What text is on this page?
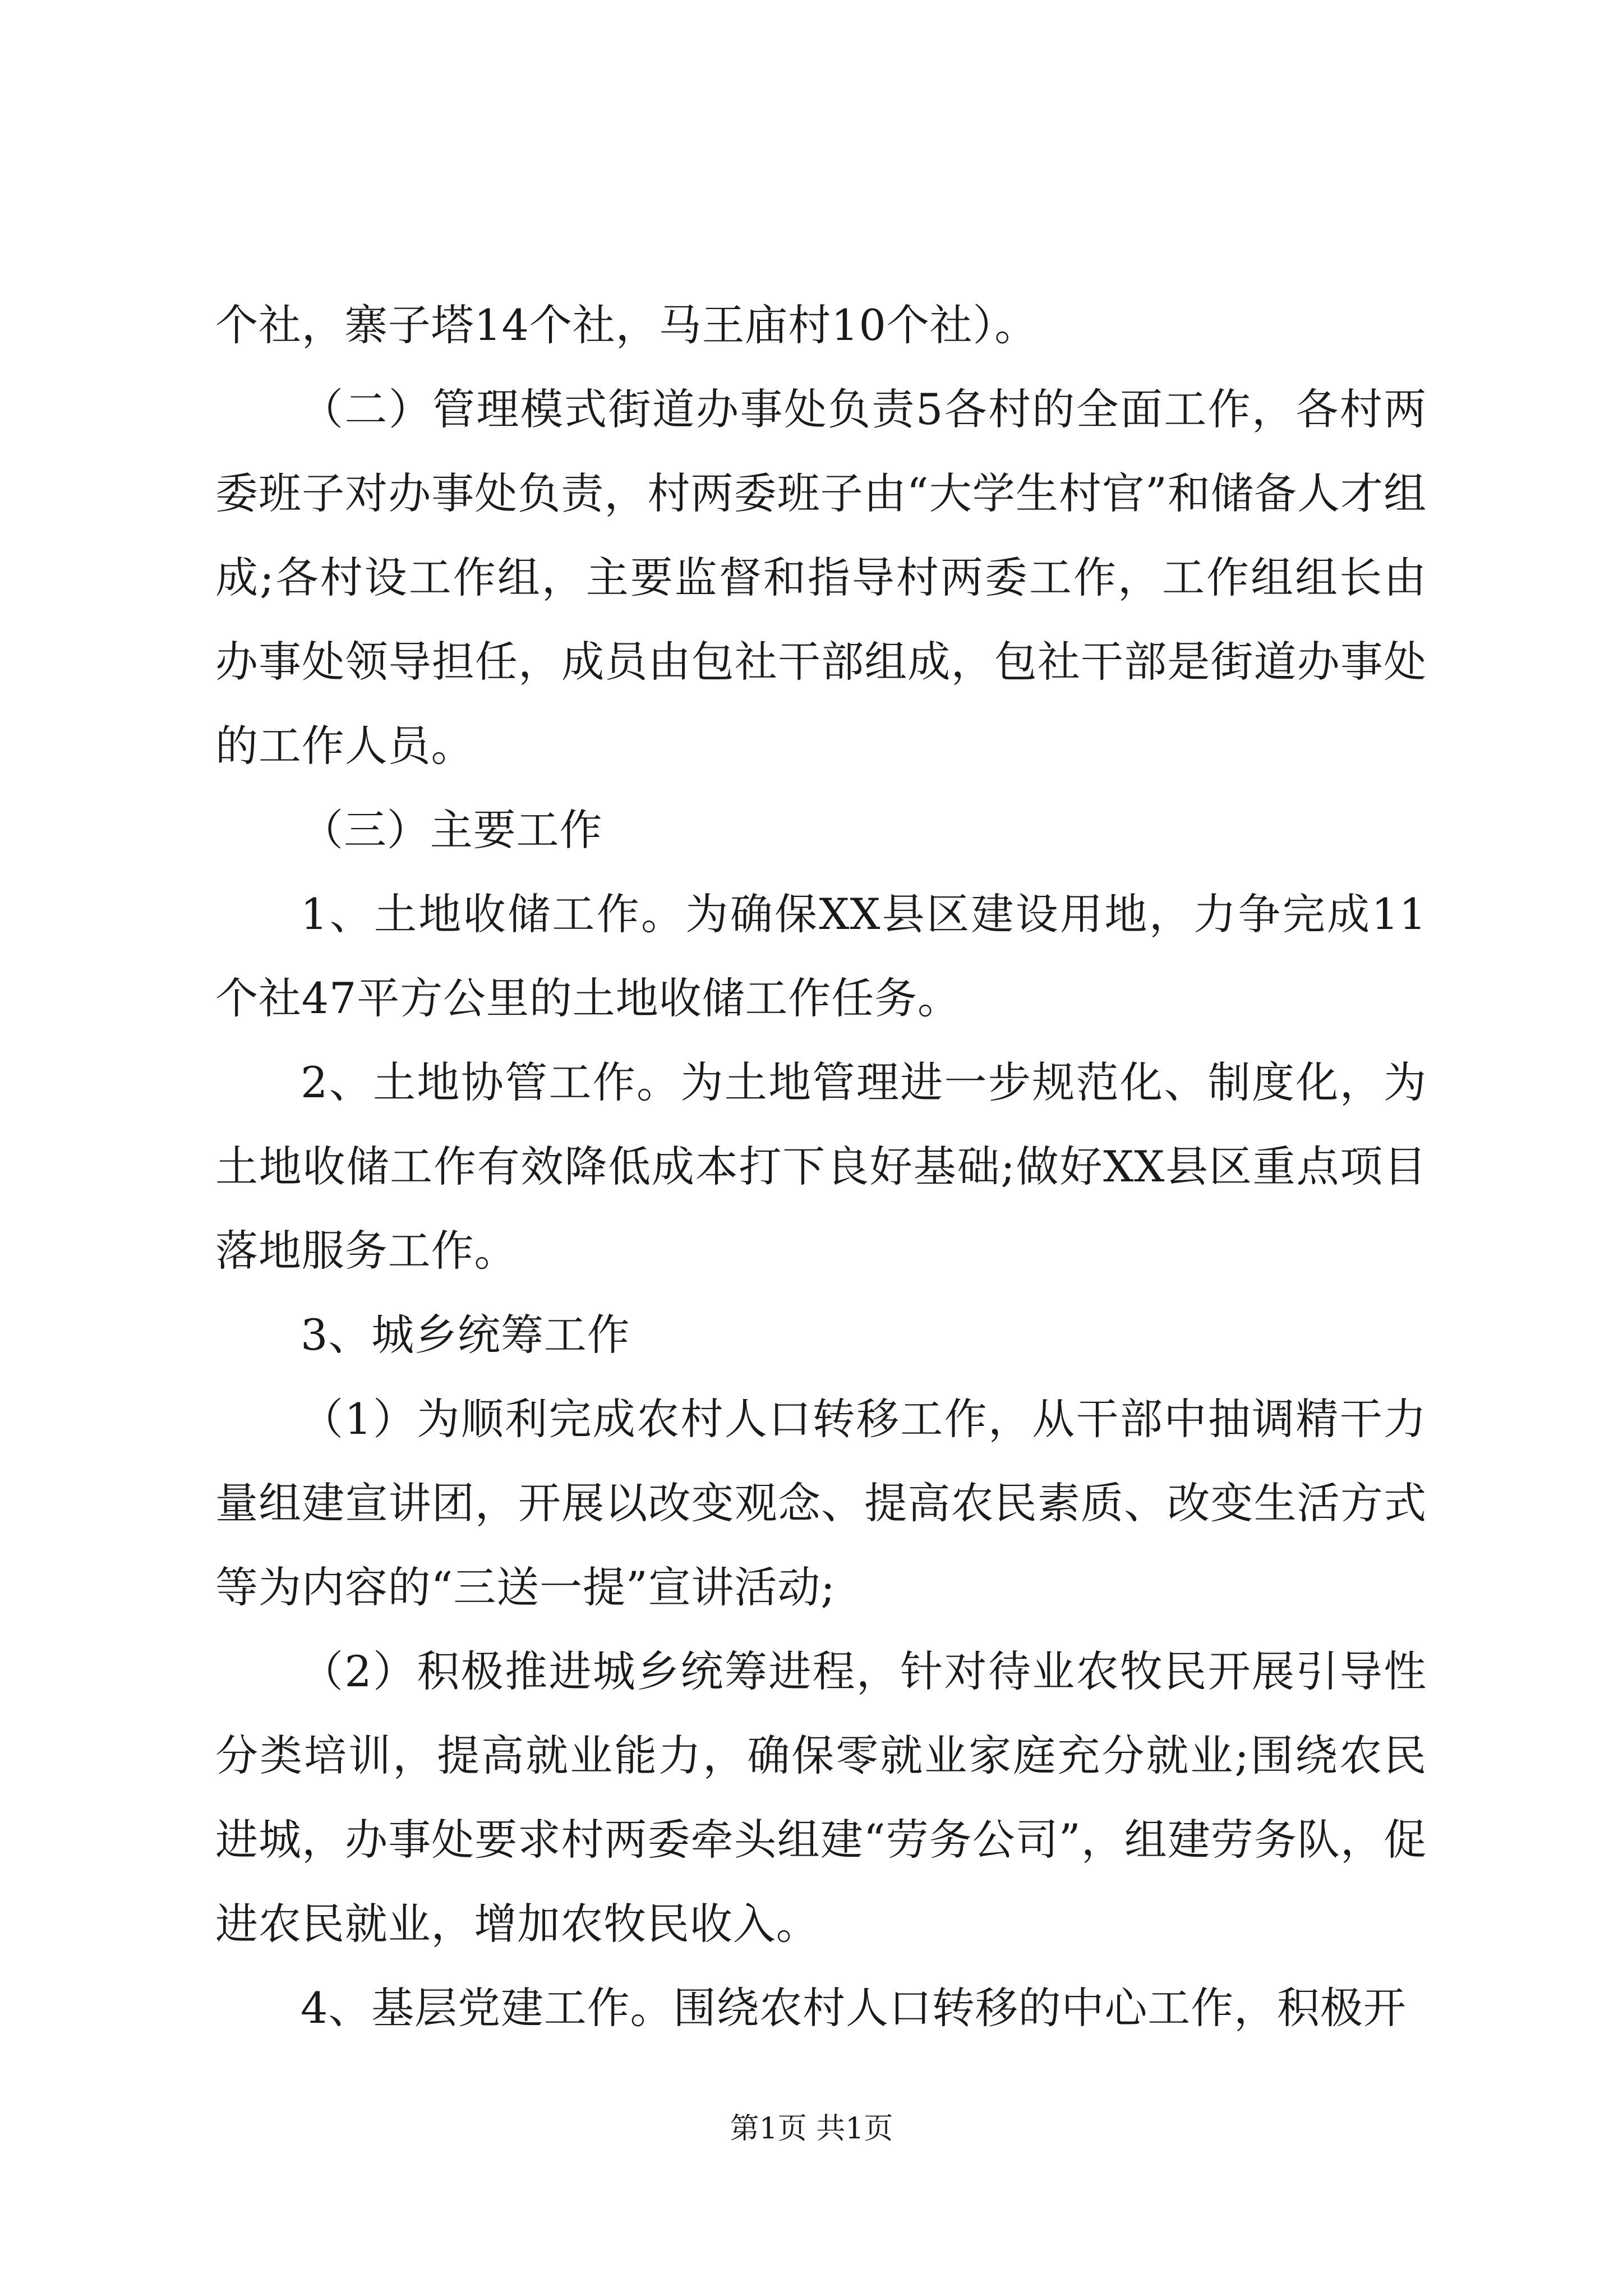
个社，寨子塔14个社，马王庙村10个社）。

（二）管理模式街道办事处负责5各村的全面工作，各村两委班子对办事处负责，村两委班子由“大学生村官”和储备人才组成;各村设工作组，主要监督和指导村两委工作，工作组组长由办事处领导担任，成员由包社干部组成，包社干部是街道办事处的工作人员。

（三）主要工作

1、土地收储工作。为确保XX县区建设用地，力争完成11个社47平方公里的土地收储工作任务。

2、土地协管工作。为土地管理进一步规范化、制度化，为土地收储工作有效降低成本打下良好基础;做好XX县区重点项目落地服务工作。

3、城乡统筹工作

（1）为顺利完成农村人口转移工作，从干部中抽调精干力量组建宣讲团，开展以改变观念、提高农民素质、改变生活方式等为内容的“三送一提”宣讲活动;

（2）积极推进城乡统筹进程，针对待业农牧民开展引导性分类培训，提高就业能力，确保零就业家庭充分就业;围绕农民进城，办事处要求村两委牵头组建“劳务公司”，组建劳务队，促进农民就业，增加农牧民收入。

4、基层党建工作。围绕农村人口转移的中心工作，积极开

第1页 共1页
